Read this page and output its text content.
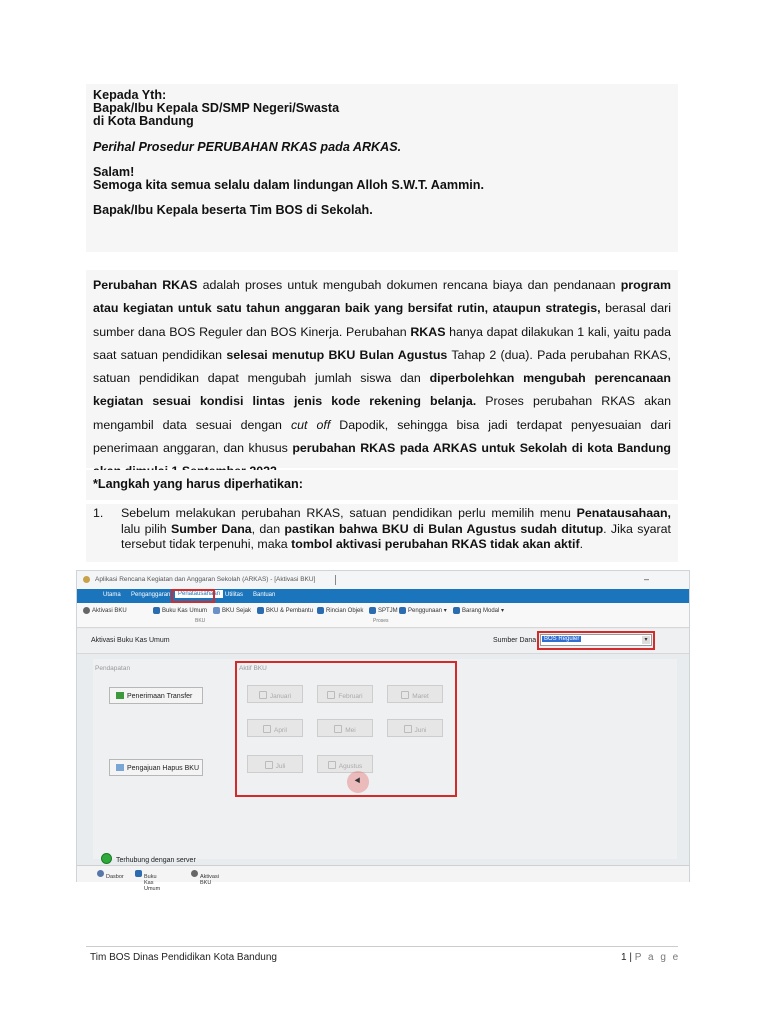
Kepada Yth:

Bapak/Ibu Kepala SD/SMP Negeri/Swasta

di Kota Bandung

Perihal Prosedur PERUBAHAN RKAS pada ARKAS.

Salam!

Semoga kita semua selalu dalam lindungan Alloh S.W.T. Aammin.

Bapak/Ibu Kepala beserta Tim BOS di Sekolah.

Perubahan RKAS adalah proses untuk mengubah dokumen rencana biaya dan pendanaan program atau kegiatan untuk satu tahun anggaran baik yang bersifat rutin, ataupun strategis, berasal dari sumber dana BOS Reguler dan BOS Kinerja. Perubahan RKAS hanya dapat dilakukan 1 kali, yaitu pada saat satuan pendidikan selesai menutup BKU Bulan Agustus Tahap 2 (dua). Pada perubahan RKAS, satuan pendidikan dapat mengubah jumlah siswa dan diperbolehkan mengubah perencanaan kegiatan sesuai kondisi lintas jenis kode rekening belanja. Proses perubahan RKAS akan mengambil data sesuai dengan cut off Dapodik, sehingga bisa jadi terdapat penyesuaian dari penerimaan anggaran, dan khusus perubahan RKAS pada ARKAS untuk Sekolah di kota Bandung
*Langkah yang harus diperhatikan:
1. Sebelum melakukan perubahan RKAS, satuan pendidikan perlu memilih menu Penatausahaan, lalu pilih Sumber Dana, dan pastikan bahwa BKU di Bulan Agustus sudah ditutup. Jika syarat tersebut tidak terpenuhi, maka tombol aktivasi perubahan RKAS tidak akan aktif.
Aplikasi Rencana Kegiatan dan Anggaran Sekolah (ARKAS) - [Aktivasi BKU]	–
Utama Penganggaran	Penatausahaan Utilitas Bantuan
Aktivasi BKU	Buku Kas Umum	BKU Sejak	BKU & Pembantu	Rincian Objek	SPTJM	Penggunaan ▾	Barang Modal ▾
BKU	Proses
Aktivasi Buku Kas Umum	Sumber Dana	BOS Reguler	▾
Pendapatan
Penerimaan Transfer
Pengajuan Hapus BKU
Aktif BKU
Januari	Februari	Maret
April	Mei	Juni
Juli	Agustus
Terhubung dengan server
Dasbor	Buku Kas Umum
Aktivasi BKU
Tim BOS Dinas Pendidikan Kota Bandung	1 | P a g e
